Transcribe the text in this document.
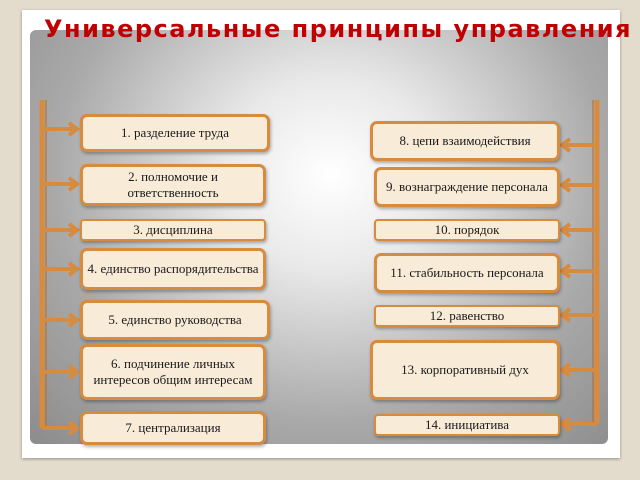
Универсальные принципы управления
1. разделение труда
2. полномочие и ответственность
3. дисциплина
4. единство распорядительства
5. единство руководства
6. подчинение личных интересов общим интересам
7. централизация
8. цепи взаимодействия
9. вознаграждение персонала
10. порядок
11. стабильность персонала
12. равенство
13. корпоративный дух
14. инициатива
